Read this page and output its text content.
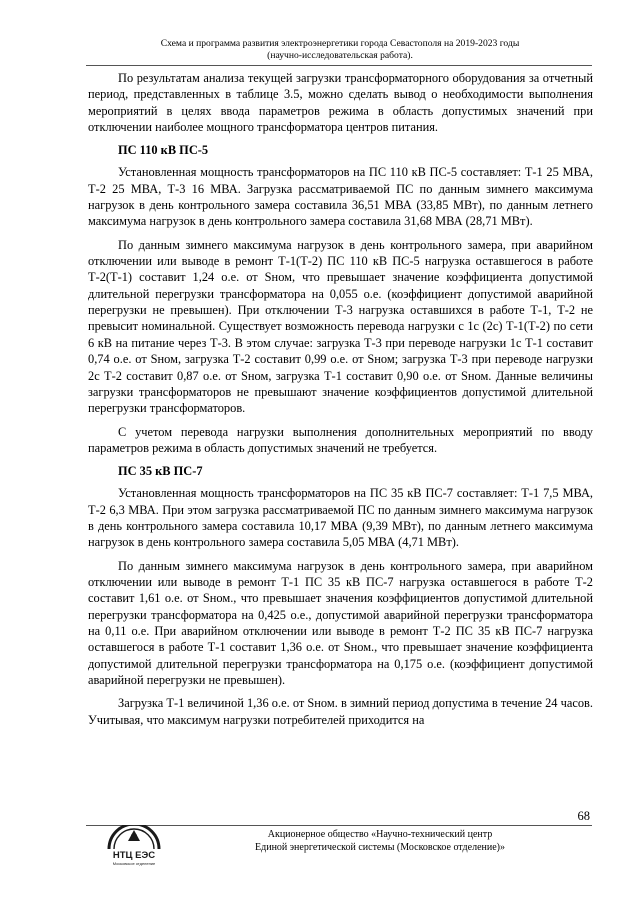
Схема и программа развития электроэнергетики города Севастополя на 2019-2023 годы
(научно-исследовательская работа).

По результатам анализа текущей загрузки трансформаторного оборудования за отчетный период, представленных в таблице 3.5, можно сделать вывод о необходимости выполнения мероприятий в целях ввода параметров режима в область допустимых значений при отключении наиболее мощного трансформатора центров питания.

ПС 110 кВ ПС-5

Установленная мощность трансформаторов на ПС 110 кВ ПС-5 составляет: Т-1 25 МВА, Т-2 25 МВА, Т-3 16 МВА. Загрузка рассматриваемой ПС по данным зимнего максимума нагрузок в день контрольного замера составила 36,51 МВА (33,85 МВт), по данным летнего максимума нагрузок в день контрольного замера составила 31,68 МВА (28,71 МВт).

По данным зимнего максимума нагрузок в день контрольного замера, при аварийном отключении или выводе в ремонт Т-1(Т-2) ПС 110 кВ ПС-5 нагрузка оставшегося в работе Т-2(Т-1) составит 1,24 о.е. от Sном, что превышает значение коэффициента допустимой длительной перегрузки трансформатора на 0,055 о.е. (коэффициент допустимой аварийной перегрузки не превышен). При отключении Т-3 нагрузка оставшихся в работе Т-1, Т-2 не превысит номинальной. Существует возможность перевода нагрузки с 1с (2с) Т-1(Т-2) по сети 6 кВ на питание через Т-3. В этом случае: загрузка Т-3 при переводе нагрузки 1с Т-1 составит 0,74 о.е. от Sном, загрузка Т-2 составит 0,99 о.е. от Sном; загрузка Т-3 при переводе нагрузки 2с Т-2 составит 0,87 о.е. от Sном, загрузка Т-1 составит 0,90 о.е. от Sном. Данные величины загрузки трансформаторов не превышают значение коэффициентов допустимой длительной перегрузки трансформаторов.

С учетом перевода нагрузки выполнения дополнительных мероприятий по вводу параметров режима в область допустимых значений не требуется.

ПС 35 кВ ПС-7

Установленная мощность трансформаторов на ПС 35 кВ ПС-7 составляет: Т-1 7,5 МВА, Т-2 6,3 МВА. При этом загрузка рассматриваемой ПС по данным зимнего максимума нагрузок в день контрольного замера составила 10,17 МВА (9,39 МВт), по данным летнего максимума нагрузок в день контрольного замера составила 5,05 МВА (4,71 МВт).

По данным зимнего максимума нагрузок в день контрольного замера, при аварийном отключении или выводе в ремонт Т-1 ПС 35 кВ ПС-7 нагрузка оставшегося в работе Т-2 составит 1,61 о.е. от Sном., что превышает значения коэффициентов допустимой длительной перегрузки трансформатора на 0,425 о.е., допустимой аварийной перегрузки трансформатора на 0,11 о.е. При аварийном отключении или выводе в ремонт Т-2 ПС 35 кВ ПС-7 нагрузка оставшегося в работе Т-1 составит 1,36 о.е. от Sном., что превышает значение коэффициента допустимой длительной перегрузки трансформатора на 0,175 о.е. (коэффициент допустимой аварийной перегрузки не превышен).

Загрузка Т-1 величиной 1,36 о.е. от Sном. в зимний период допустима в течение 24 часов. Учитывая, что максимум нагрузки потребителей приходится на

68
НТЦ ЕЭС
Московское отделение
Акционерное общество «Научно-технический центр
Единой энергетической системы (Московское отделение)»
